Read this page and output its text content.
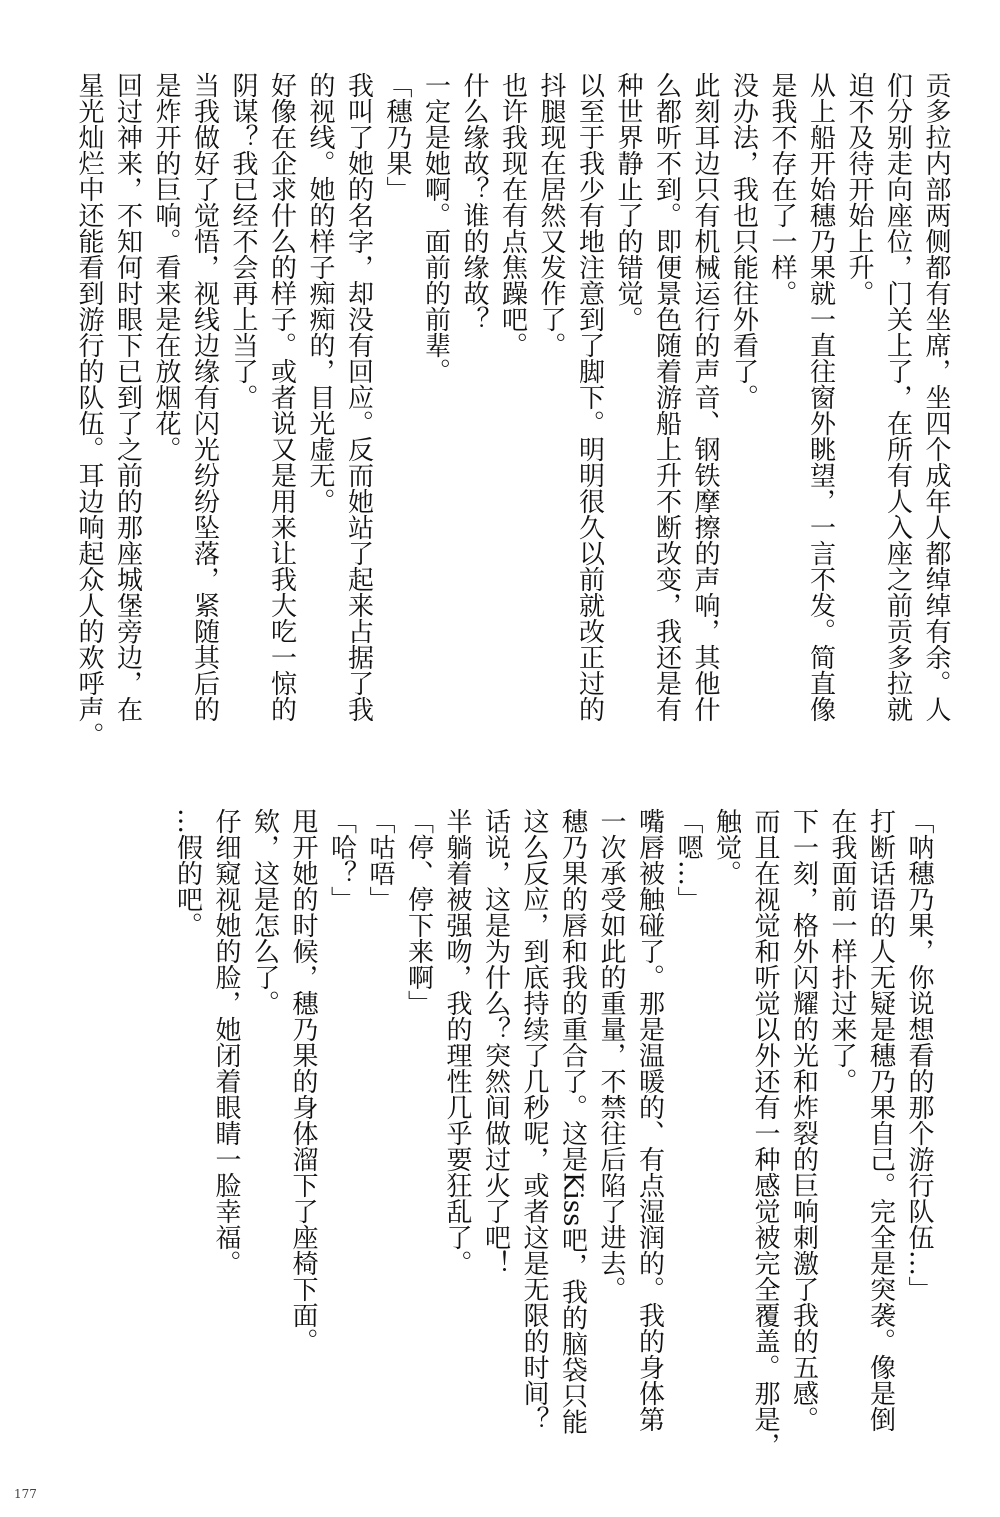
贡多拉内部两侧都有坐席，坐四个成年人都绰绰有余。人
们分别走向座位，门关上了，在所有人入座之前贡多拉就
迫不及待开始上升。
从上船开始穗乃果就一直往窗外眺望，一言不发。简直像
是我不存在了一样。
没办法，我也只能往外看了。
此刻耳边只有机械运行的声音、钢铁摩擦的声响，其他什
么都听不到。即便景色随着游船上升不断改变，我还是有
种世界静止了的错觉。
以至于我少有地注意到了脚下。明明很久以前就改正过的
抖腿现在居然又发作了。
也许我现在有点焦躁吧。
什么缘故？谁的缘故？
一定是她啊。面前的前辈。
「穗乃果」
我叫了她的名字，却没有回应。反而她站了起来占据了我
的视线。她的样子痴痴的，目光虚无。
好像在企求什么的样子。或者说又是用来让我大吃一惊的
阴谋？我已经不会再上当了。
当我做好了觉悟，视线边缘有闪光纷纷坠落，紧随其后的
是炸开的巨响。看来是在放烟花。
回过神来，不知何时眼下已到了之前的那座城堡旁边，在
星光灿烂中还能看到游行的队伍。耳边响起众人的欢呼声。
「呐穗乃果，你说想看的那个游行队伍…」
打断话语的人无疑是穗乃果自己。完全是突袭。像是倒
在我面前一样扑过来了。
下一刻，格外闪耀的光和炸裂的巨响刺激了我的五感。
而且在视觉和听觉以外还有一种感觉被完全覆盖。那是，
触觉。
「嗯…」
嘴唇被触碰了。那是温暖的、有点湿润的。我的身体第
一次承受如此的重量，不禁往后陷了进去。
穗乃果的唇和我的重合了。这是Kiss吧，我的脑袋只能
这么反应，到底持续了几秒呢，或者这是无限的时间？
话说，这是为什么？突然间做过火了吧！
半躺着被强吻，我的理性几乎要狂乱了。
「停、停下来啊」
「咕唔」
「哈？」
甩开她的时候，穗乃果的身体溜下了座椅下面。
欸，这是怎么了。
仔细窥视她的脸，她闭着眼睛一脸幸福。
…假的吧。
177
